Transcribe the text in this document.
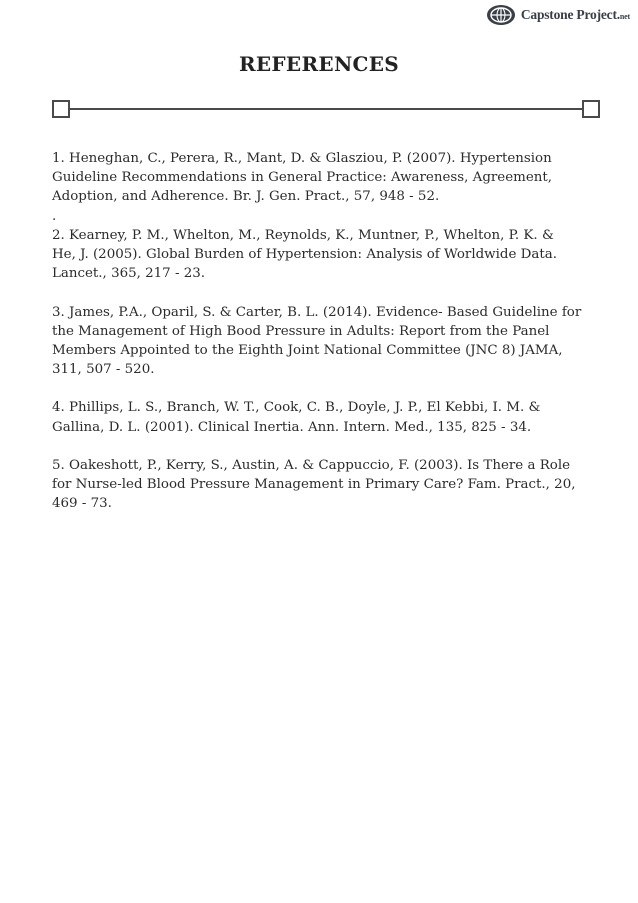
Capstone Project.net
REFERENCES
1. Heneghan, C., Perera, R., Mant, D. & Glasziou, P. (2007). Hypertension
Guideline Recommendations in General Practice: Awareness, Agreement,
Adoption, and Adherence. Br. J. Gen. Pract., 57, 948 - 52.
.
2. Kearney, P. M., Whelton, M., Reynolds, K., Muntner, P., Whelton, P. K. &
He, J. (2005). Global Burden of Hypertension: Analysis of Worldwide Data.
Lancet., 365, 217 - 23.
3. James, P.A., Oparil, S. & Carter, B. L. (2014). Evidence- Based Guideline for
the Management of High Bood Pressure in Adults: Report from the Panel
Members Appointed to the Eighth Joint National Committee (JNC 8) JAMA,
311, 507 - 520.
4. Phillips, L. S., Branch, W. T., Cook, C. B., Doyle, J. P., El Kebbi, I. M. &
Gallina, D. L. (2001). Clinical Inertia. Ann. Intern. Med., 135, 825 - 34.
5. Oakeshott, P., Kerry, S., Austin, A. & Cappuccio, F. (2003). Is There a Role
for Nurse-led Blood Pressure Management in Primary Care? Fam. Pract., 20,
469 - 73.
